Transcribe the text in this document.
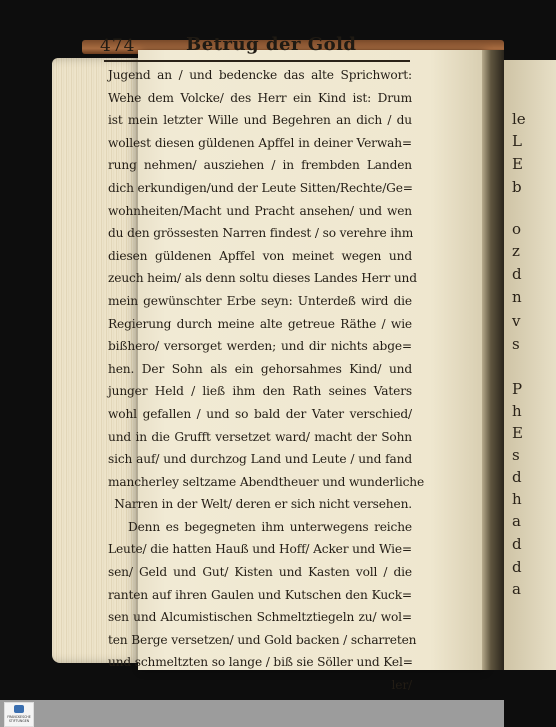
le
L
E
b
o
z
d
n
v
s
P
h
E
s
d
h
a
d
d
a
474	Betrug der Gold
Jugend an / und bedencke das alte Sprichwort:
Wehe dem Volcke/ des Herr ein Kind ist: Drum
ist mein letzter Wille und Begehren an dich / du
wollest diesen güldenen Apffel in deiner Verwah=
rung nehmen/ ausziehen / in frembden Landen
dich erkundigen/und der Leute Sitten/Rechte/Ge=
wohnheiten/Macht und Pracht ansehen/ und wen
du den grössesten Narren findest / so verehre ihm
diesen güldenen Apffel von meinet wegen und
zeuch heim/ als denn soltu dieses Landes Herr und
mein gewünschter Erbe seyn: Unterdeß wird die
Regierung durch meine alte getreue Räthe / wie
bißhero/ versorget werden; und dir nichts abge=
hen. Der Sohn als ein gehorsahmes Kind/ und
junger Held / ließ ihm den Rath seines Vaters
wohl gefallen / und so bald der Vater verschied/
und in die Grufft versetzet ward/ macht der Sohn
sich auf/ und durchzog Land und Leute / und fand
mancherley seltzame Abendtheuer und wunderliche
Narren in der Welt/ deren er sich nicht versehen.
Denn es begegneten ihm unterwegens reiche
Leute/ die hatten Hauß und Hoff/ Acker und Wie=
sen/ Geld und Gut/ Kisten und Kasten voll / die
ranten auf ihren Gaulen und Kutschen den Kuck=
sen und Alcumistischen Schmeltztiegeln zu/ wol=
ten Berge versetzen/ und Gold backen / scharreten
und schmeltzten so lange / biß sie Söller und Kel=
ler/
FRANCKESCHE STIFTUNGEN
